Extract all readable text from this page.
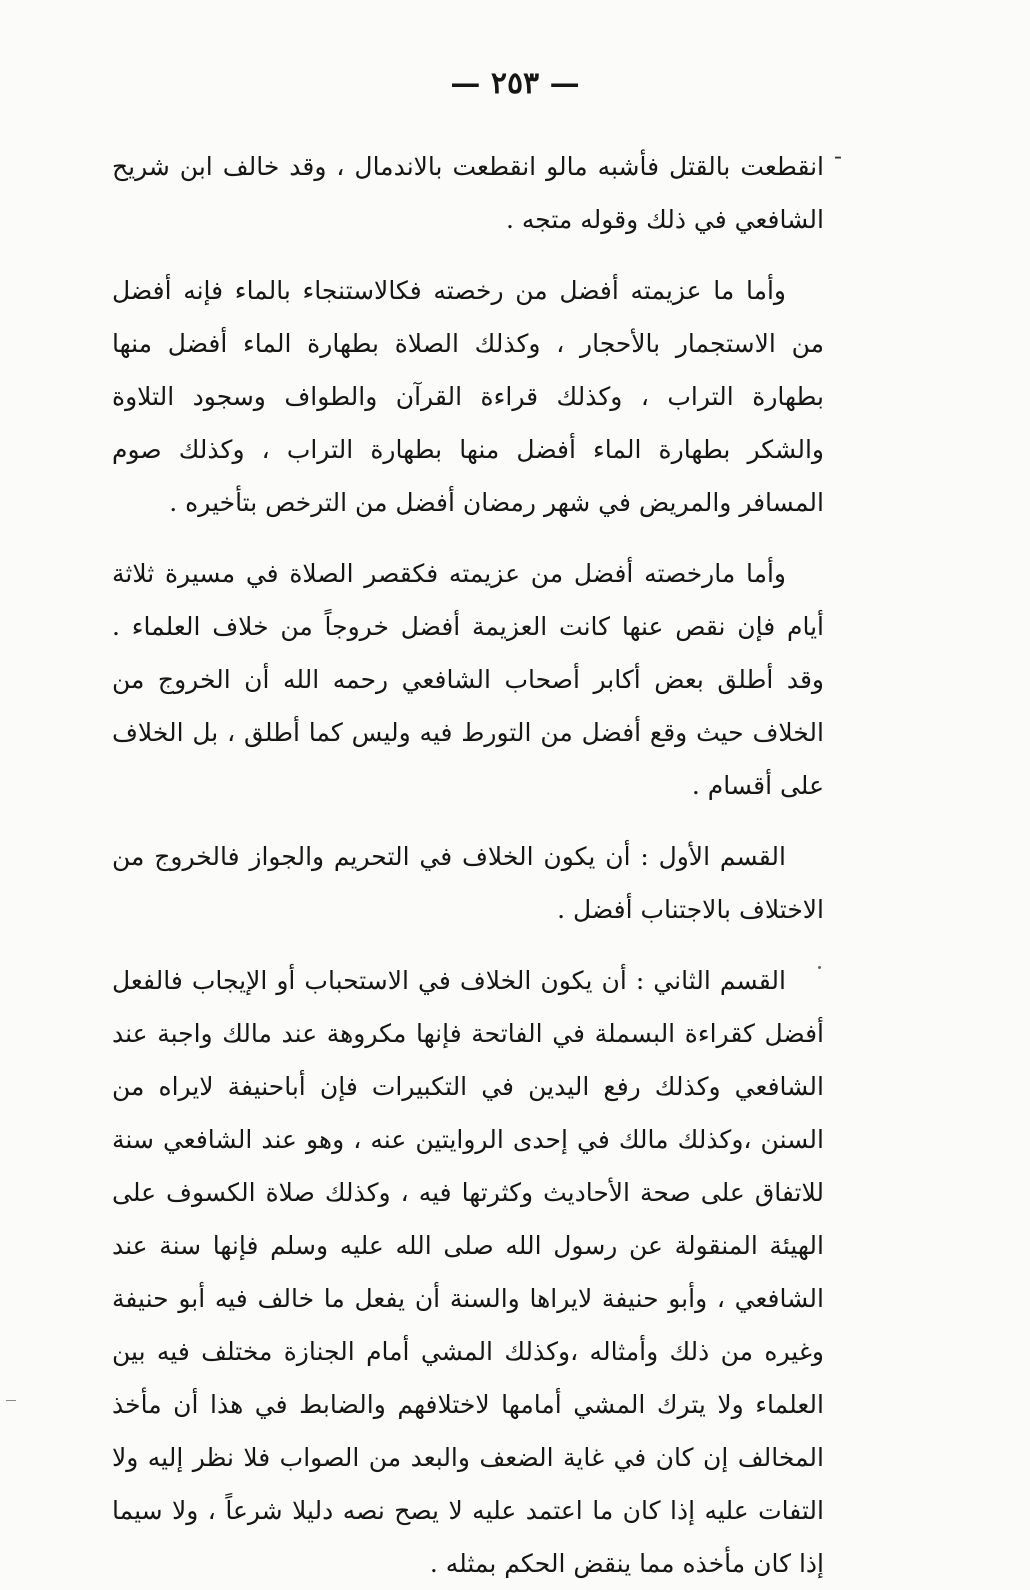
— ٢٥٣ —
-

انقطعت بالقتل فأشبه مالو انقطعت بالاندمال ، وقد خالف ابن شريح الشافعي في ذلك وقوله متجه .

وأما ما عزيمته أفضل من رخصته فكالاستنجاء بالماء فإنه أفضل من الاستجمار بالأحجار ، وكذلك الصلاة بطهارة الماء أفضل منها بطهارة التراب ، وكذلك قراءة القرآن والطواف وسجود التلاوة والشكر بطهارة الماء أفضل منها بطهارة التراب ، وكذلك صوم المسافر والمريض في شهر رمضان أفضل من الترخص بتأخيره .

وأما مارخصته أفضل من عزيمته فكقصر الصلاة في مسيرة ثلاثة أيام فإن نقص عنها كانت العزيمة أفضل خروجاً من خلاف العلماء . وقد أطلق بعض أكابر أصحاب الشافعي رحمه الله أن الخروج من الخلاف حيث وقع أفضل من التورط فيه وليس كما أطلق ، بل الخلاف على أقسام .

القسم الأول : أن يكون الخلاف في التحريم والجواز فالخروج من الاختلاف بالاجتناب أفضل .

القسم الثاني : أن يكون الخلاف في الاستحباب أو الإيجاب فالفعل أفضل كقراءة البسملة في الفاتحة فإنها مكروهة عند مالك واجبة عند الشافعي وكذلك رفع اليدين في التكبيرات فإن أباحنيفة لايراه من السنن ،وكذلك مالك في إحدى الروايتين عنه ، وهو عند الشافعي سنة للاتفاق على صحة الأحاديث وكثرتها فيه ، وكذلك صلاة الكسوف على الهيئة المنقولة عن رسول الله صلى الله عليه وسلم فإنها سنة عند الشافعي ، وأبو حنيفة لايراها والسنة أن يفعل ما خالف فيه أبو حنيفة وغيره من ذلك وأمثاله ،وكذلك المشي أمام الجنازة مختلف فيه بين العلماء ولا يترك المشي أمامها لاختلافهم والضابط في هذا أن مأخذ المخالف إن كان في غاية الضعف والبعد من الصواب فلا نظر إليه ولا التفات عليه إذا كان ما اعتمد عليه لا يصح نصه دليلا شرعاً ، ولا سيما إذا كان مأخذه مما ينقض الحكم بمثله .
